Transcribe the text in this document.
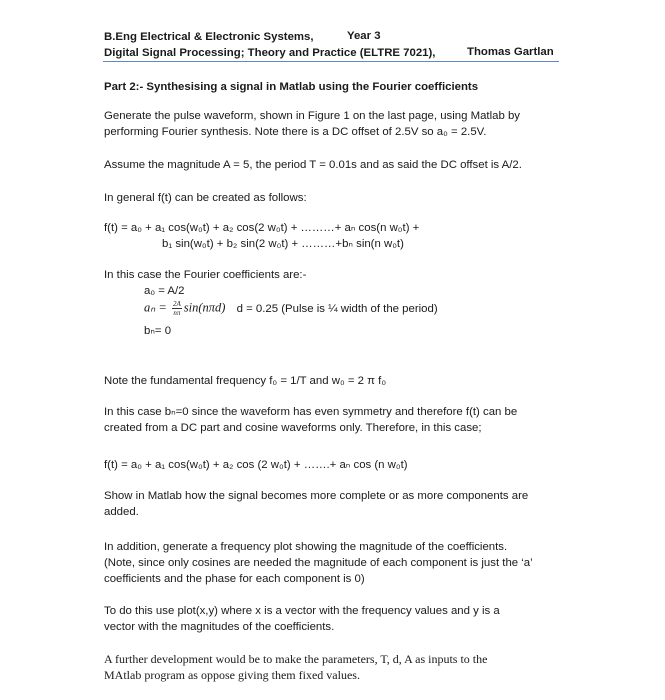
B.Eng Electrical & Electronic Systems,	Year 3
Digital Signal Processing; Theory and Practice (ELTRE 7021),	Thomas Gartlan
Part 2:- Synthesising a signal in Matlab using the Fourier coefficients
Generate the pulse waveform, shown in Figure 1 on the last page, using Matlab by
performing Fourier synthesis. Note there is a DC offset of 2.5V so a₀ = 2.5V.
Assume the magnitude A = 5, the period T = 0.01s and as said the DC offset is A/2.
In general f(t) can be created as follows:
f(t) = a₀ + a₁ cos(w₀t) + a₂ cos(2 w₀t) + ………+ aₙ cos(n w₀t) +
b₁ sin(w₀t) + b₂ sin(2 w₀t) + ………+bₙ sin(n w₀t)
In this case the Fourier coefficients are:-
a₀ = A/2
$a_n = \frac{2A}{n\pi} \sin(n\pi d) d = 0.25$ (Pulse is ¼ width of the period)
bₙ= 0
Note the fundamental frequency f₀ = 1/T and w₀ = 2 π f₀
In this case bₙ=0 since the waveform has even symmetry and therefore f(t) can be
created from a DC part and cosine waveforms only. Therefore, in this case;
f(t) = a₀ + a₁ cos(w₀t) + a₂ cos (2 w₀t) + …….+ aₙ cos (n w₀t)
Show in Matlab how the signal becomes more complete or as more components are
added.
In addition, generate a frequency plot showing the magnitude of the coefficients.
(Note, since only cosines are needed the magnitude of each component is just the ‘a’
coefficients and the phase for each component is 0)
To do this use plot(x,y) where x is a vector with the frequency values and y is a
vector with the magnitudes of the coefficients.
A further development would be to make the parameters, T, d, A as inputs to the
MAtlab program as oppose giving them fixed values.
